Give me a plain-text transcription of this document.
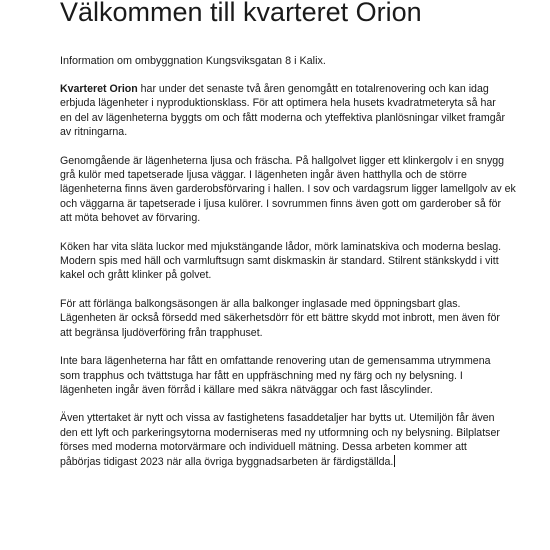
Välkommen till kvarteret Orion

Information om ombyggnation Kungsviksgatan 8 i Kalix.

Kvarteret Orion har under det senaste två åren genomgått en totalrenovering och kan idag
erbjuda lägenheter i nyproduktionsklass. För att optimera hela husets kvadratmeteryta så har
en del av lägenheterna byggts om och fått moderna och yteffektiva planlösningar vilket framgår
av ritningarna.

Genomgående är lägenheterna ljusa och fräscha. På hallgolvet ligger ett klinkergolv i en snygg
grå kulör med tapetserade ljusa väggar. I lägenheten ingår även hatthylla och de större
lägenheterna finns även garderobsförvaring i hallen. I sov och vardagsrum ligger lamellgolv av ek
och väggarna är tapetserade i ljusa kulörer. I sovrummen finns även gott om garderober så för
att möta behovet av förvaring.

Köken har vita släta luckor med mjukstängande lådor, mörk laminatskiva och moderna beslag.
Modern spis med häll och varmluftsugn samt diskmaskin är standard. Stilrent stänkskydd i vitt
kakel och grått klinker på golvet.

För att förlänga balkongsäsongen är alla balkonger inglasade med öppningsbart glas.
Lägenheten är också försedd med säkerhetsdörr för ett bättre skydd mot inbrott, men även för
att begränsa ljudöverföring från trapphuset.

Inte bara lägenheterna har fått en omfattande renovering utan de gemensamma utrymmena
som trapphus och tvättstuga har fått en uppfräschning med ny färg och ny belysning. I
lägenheten ingår även förråd i källare med säkra nätväggar och fast låscylinder.

Även yttertaket är nytt och vissa av fastighetens fasaddetaljer har bytts ut. Utemiljön får även
den ett lyft och parkeringsytorna moderniseras med ny utformning och ny belysning. Bilplatser
förses med moderna motorvärmare och individuell mätning. Dessa arbeten kommer att
påbörjas tidigast 2023 när alla övriga byggnadsarbeten är färdigställda.
